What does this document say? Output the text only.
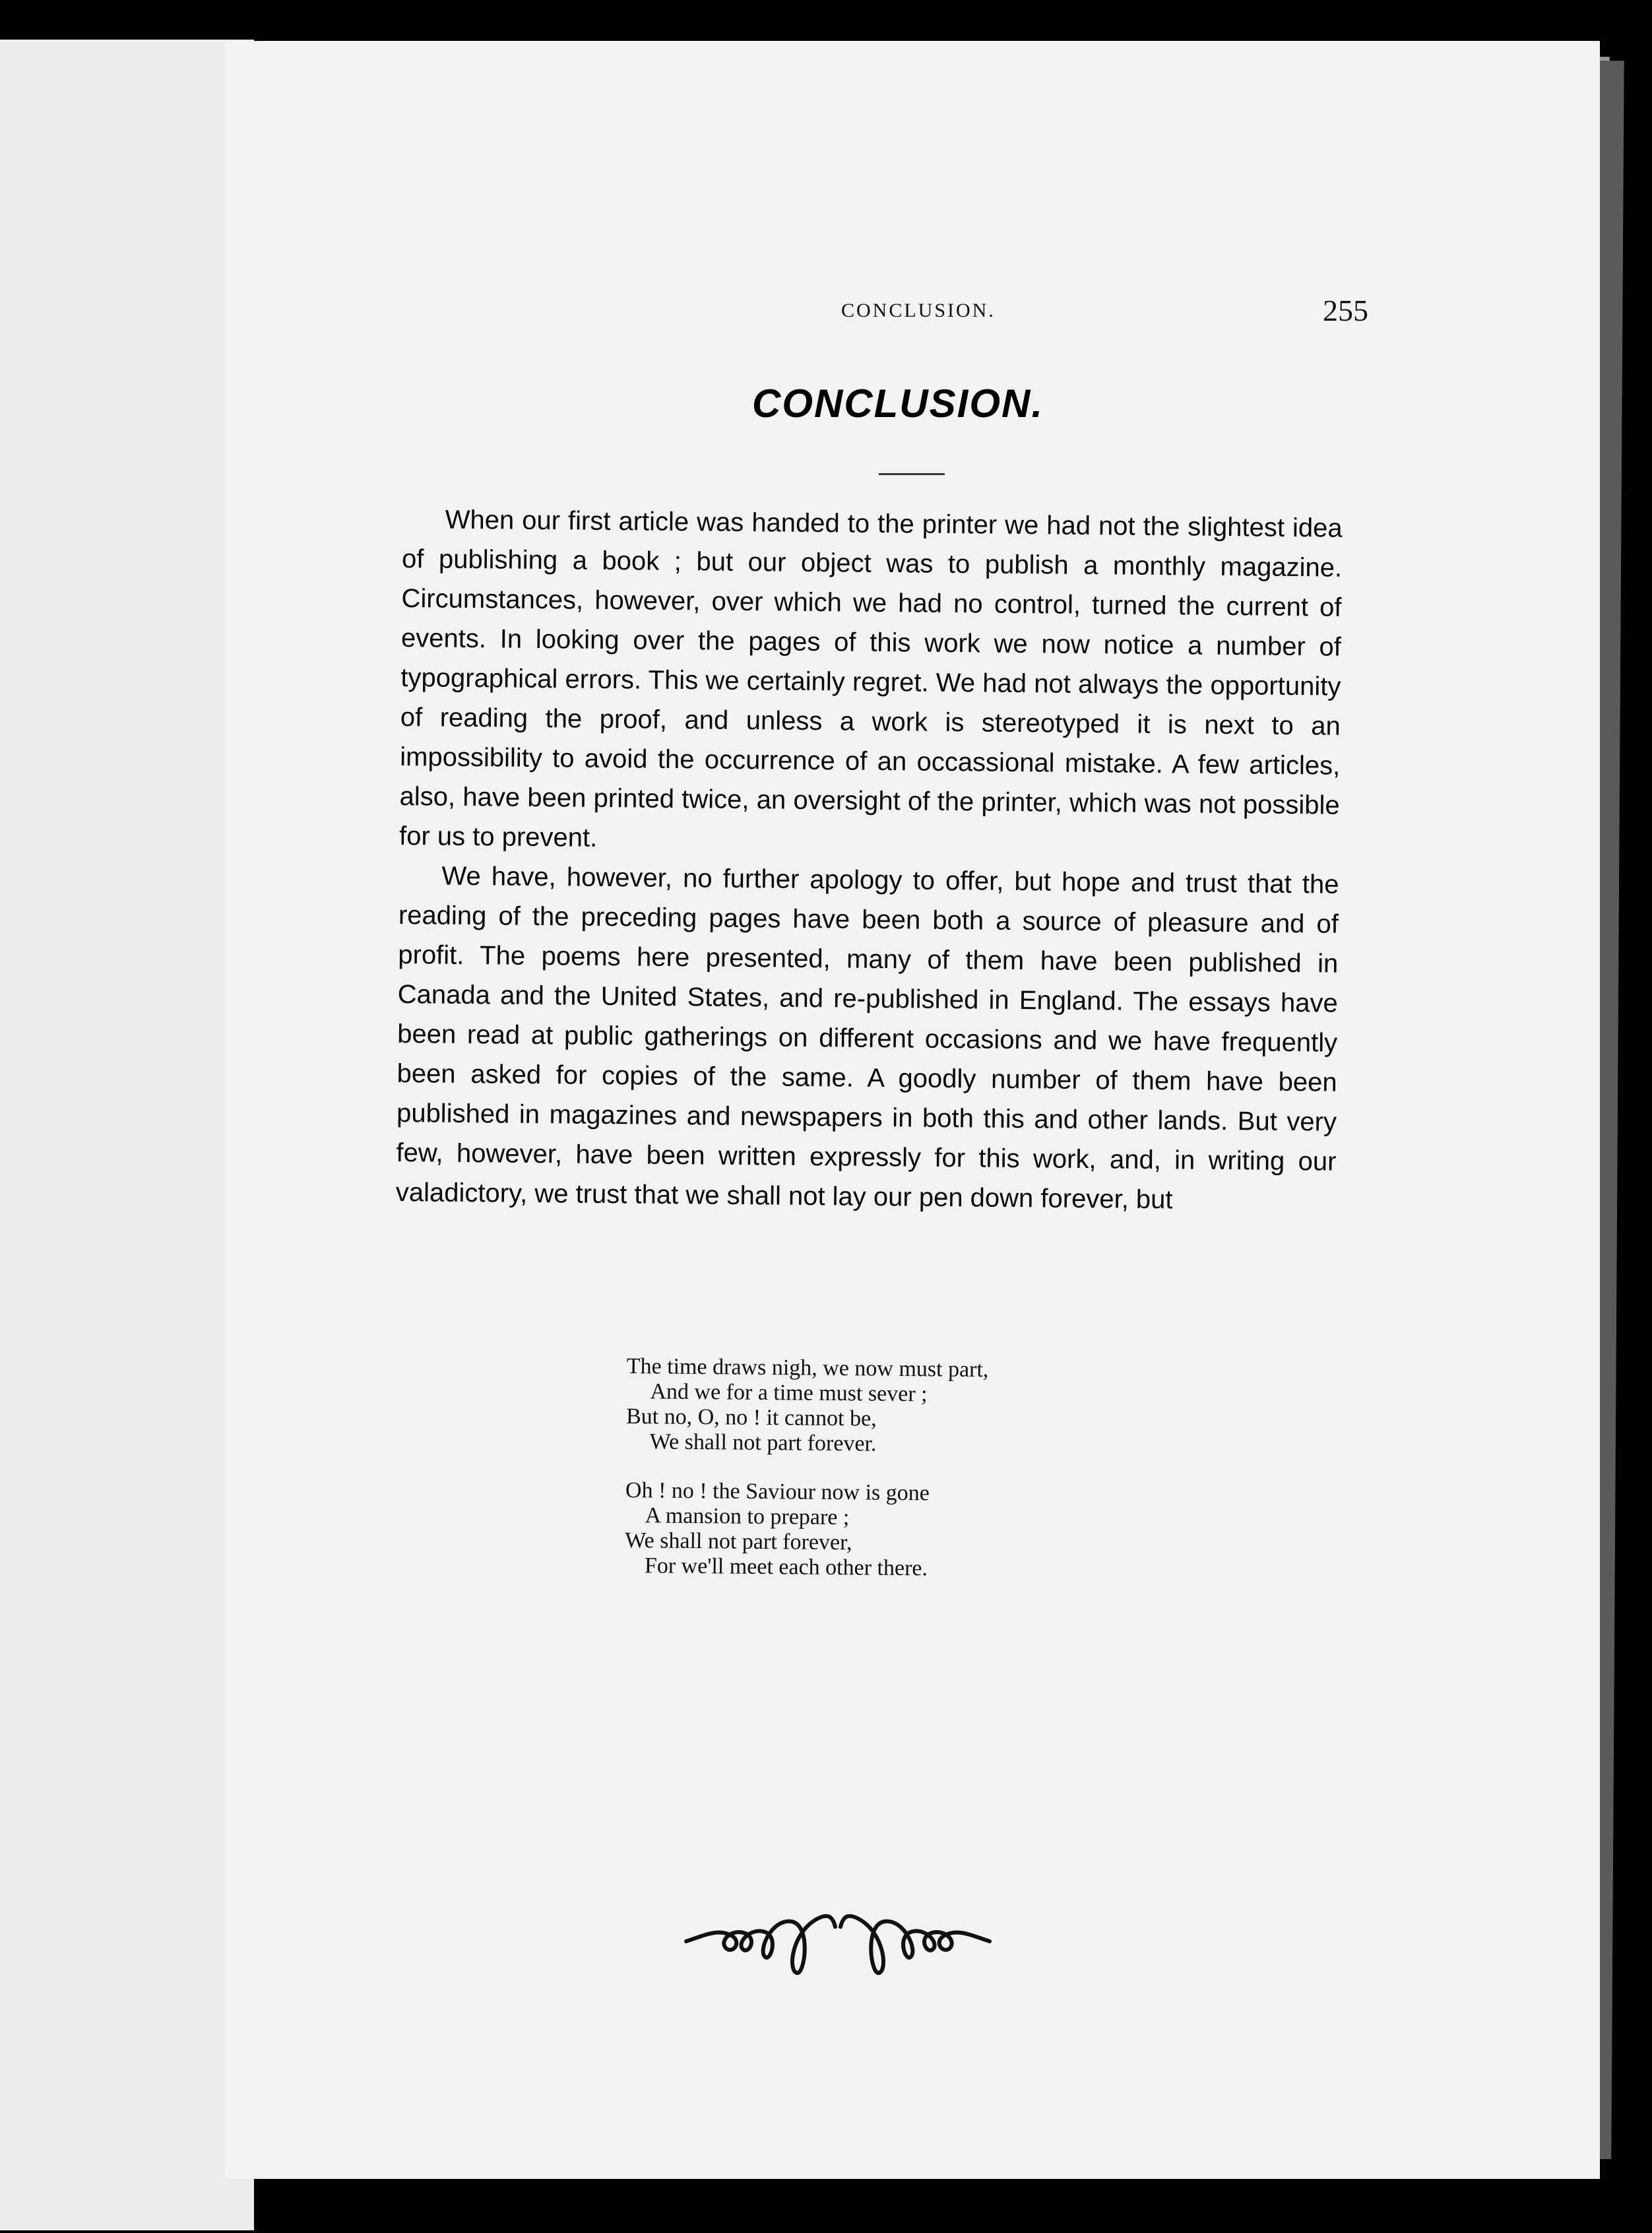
CONCLUSION.	255
CONCLUSION.

When our first article was handed to the printer we had not the slightest idea of publishing a book ; but our object was to publish a monthly magazine. Circumstances, however, over which we had no control, turned the current of events. In looking over the pages of this work we now notice a number of typographical errors. This we certainly regret. We had not always the opportunity of reading the proof, and unless a work is stereotyped it is next to an impossibility to avoid the occurrence of an occassional mistake. A few articles, also, have been printed twice, an oversight of the printer, which was not possible for us to prevent.

We have, however, no further apology to offer, but hope and trust that the reading of the preceding pages have been both a source of pleasure and of profit. The poems here presented, many of them have been published in Canada and the United States, and re-published in England. The essays have been read at public gatherings on different occasions and we have frequently been asked for copies of the same. A goodly number of them have been published in magazines and newspapers in both this and other lands. But very few, however, have been written expressly for this work, and, in writing our valadictory, we trust that we shall not lay our pen down forever, but

The time draws nigh, we now must part,
And we for a time must sever ;
But no, O, no ! it cannot be,
We shall not part forever.
Oh ! no ! the Saviour now is gone
A mansion to prepare ;
We shall not part forever,
For we'll meet each other there.
